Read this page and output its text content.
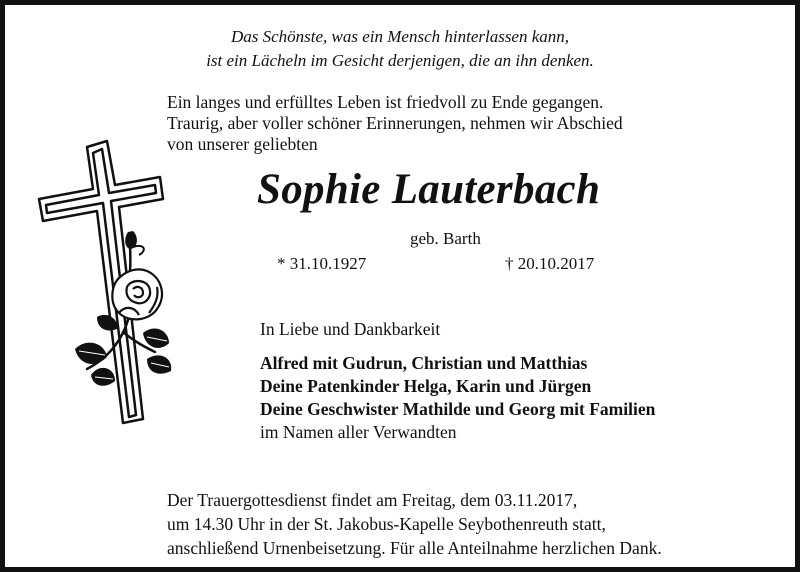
Das Schönste, was ein Mensch hinterlassen kann,
ist ein Lächeln im Gesicht derjenigen, die an ihn denken.
Ein langes und erfülltes Leben ist friedvoll zu Ende gegangen.
Traurig, aber voller schöner Erinnerungen, nehmen wir Abschied
von unserer geliebten
Sophie Lauterbach
geb. Barth
* 31.10.1927	† 20.10.2017
In Liebe und Dankbarkeit
Alfred mit Gudrun, Christian und Matthias
Deine Patenkinder Helga, Karin und Jürgen
Deine Geschwister Mathilde und Georg mit Familien
im Namen aller Verwandten
Der Trauergottesdienst findet am Freitag, dem 03.11.2017,
um 14.30 Uhr in der St. Jakobus-Kapelle Seybothenreuth statt,
anschließend Urnenbeisetzung. Für alle Anteilnahme herzlichen Dank.
